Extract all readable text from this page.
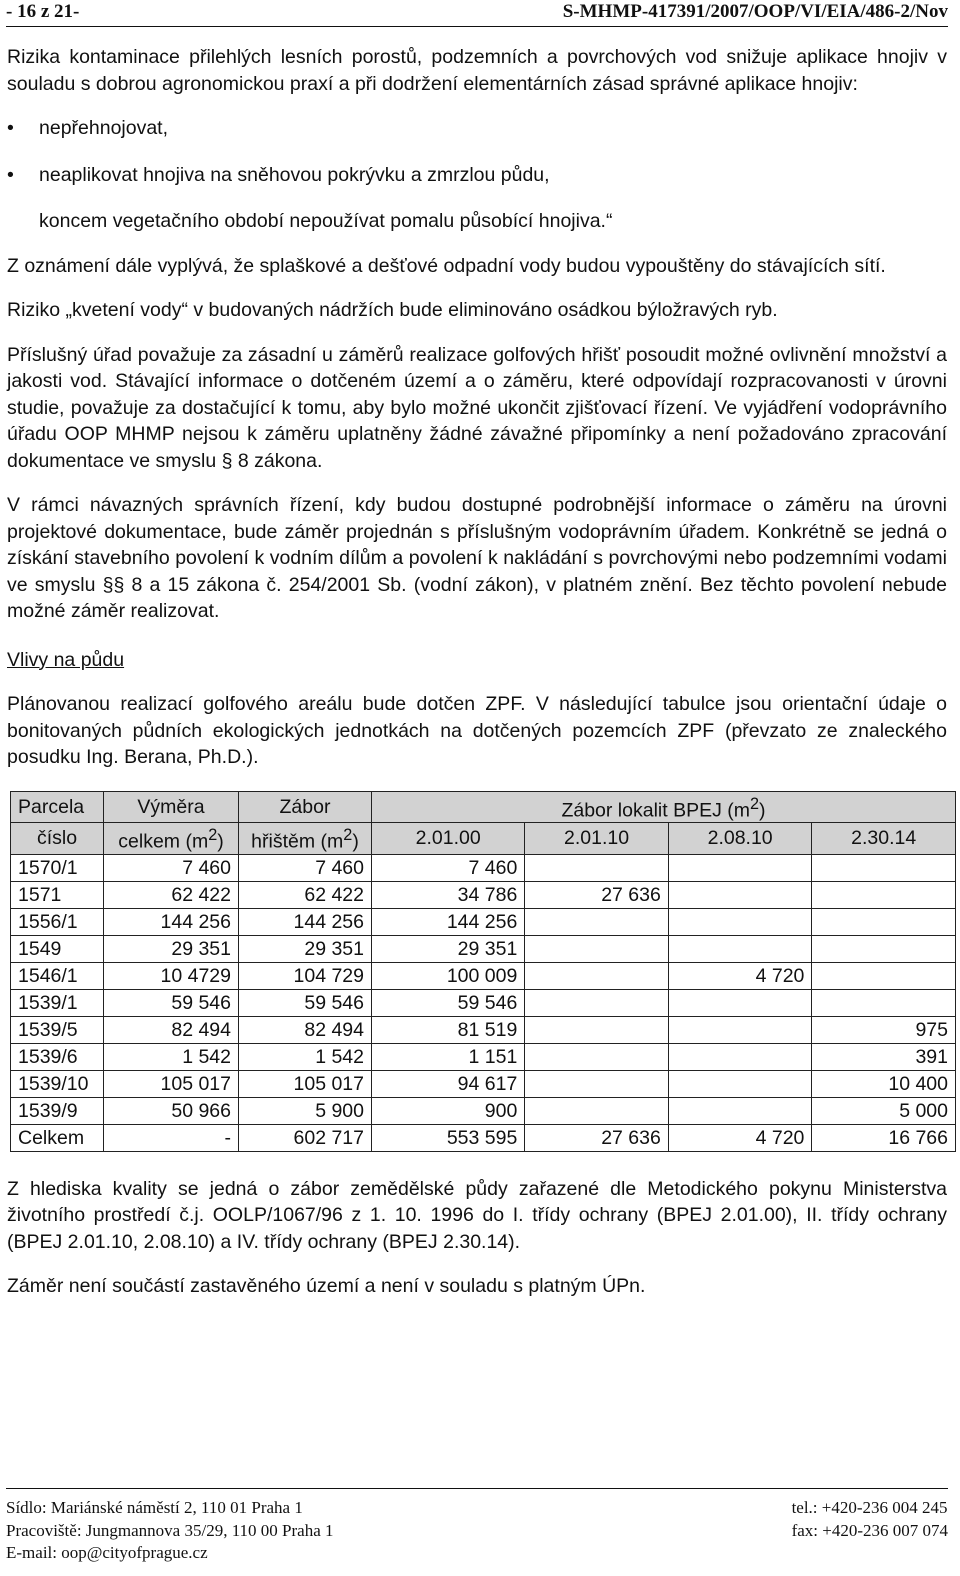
- 16 z 21-	S-MHMP-417391/2007/OOP/VI/EIA/486-2/Nov

Rizika kontaminace přilehlých lesních porostů, podzemních a povrchových vod snižuje aplikace hnojiv v souladu s dobrou agronomickou praxí a při dodržení elementárních zásad správné aplikace hnojiv:

• nepřehnojovat,
• neaplikovat hnojiva na sněhovou pokrývku a zmrzlou půdu,
koncem vegetačního období nepoužívat pomalu působící hnojiva.“

Z oznámení dále vyplývá, že splaškové a dešťové odpadní vody budou vypouštěny do stávajících sítí.

Riziko „kvetení vody“ v budovaných nádržích bude eliminováno osádkou býložravých ryb.

Příslušný úřad považuje za zásadní u záměrů realizace golfových hřišť posoudit možné ovlivnění množství a jakosti vod. Stávající informace o dotčeném území a o záměru, které odpovídají rozpracovanosti v úrovni studie, považuje za dostačující k tomu, aby bylo možné ukončit zjišťovací řízení. Ve vyjádření vodoprávního úřadu OOP MHMP nejsou k záměru uplatněny žádné závažné připomínky a není požadováno zpracování dokumentace ve smyslu § 8 zákona.

V rámci návazných správních řízení, kdy budou dostupné podrobnější informace o záměru na úrovni projektové dokumentace, bude záměr projednán s příslušným vodoprávním úřadem. Konkrétně se jedná o získání stavebního povolení k vodním dílům a povolení k nakládání s povrchovými nebo podzemními vodami ve smyslu §§ 8 a 15 zákona č. 254/2001 Sb. (vodní zákon), v platném znění. Bez těchto povolení nebude možné záměr realizovat.

Vlivy na půdu

Plánovanou realizací golfového areálu bude dotčen ZPF. V následující tabulce jsou orientační údaje o bonitovaných půdních ekologických jednotkách na dotčených pozemcích ZPF (převzato ze znaleckého posudku Ing. Berana, Ph.D.).

Parcela	Výměra	Zábor	Zábor lokalit BPEJ $(m^2)$			
číslo	celkem $(m^2)$	hřištěm $(m^2)$	2.01.00	2.01.10	2.08.10	2.30.14
1570/1	7 460	7 460	7 460			
1571	62 422	62 422	34 786	27 636		
1556/1	144 256	144 256	144 256			
1549	29 351	29 351	29 351			
1546/1	10 4729	104 729	100 009		4 720	
1539/1	59 546	59 546	59 546			
1539/5	82 494	82 494	81 519			975
1539/6	1 542	1 542	1 151			391
1539/10	105 017	105 017	94 617			10 400
1539/9	50 966	5 900	900			5 000
Celkem	-	602 717	553 595	27 636	4 720	16 766

Z hlediska kvality se jedná o zábor zemědělské půdy zařazené dle Metodického pokynu Ministerstva životního prostředí č.j. OOLP/1067/96 z 1. 10. 1996 do I. třídy ochrany (BPEJ 2.01.00), II. třídy ochrany (BPEJ 2.01.10, 2.08.10) a IV. třídy ochrany (BPEJ 2.30.14).

Záměr není součástí zastavěného území a není v souladu s platným ÚPn.

Sídlo: Mariánské náměstí 2, 110 01 Praha 1
Pracoviště: Jungmannova 35/29, 110 00 Praha 1
E-mail: oop@cityofprague.cz
tel.: +420-236 004 245
fax: +420-236 007 074
